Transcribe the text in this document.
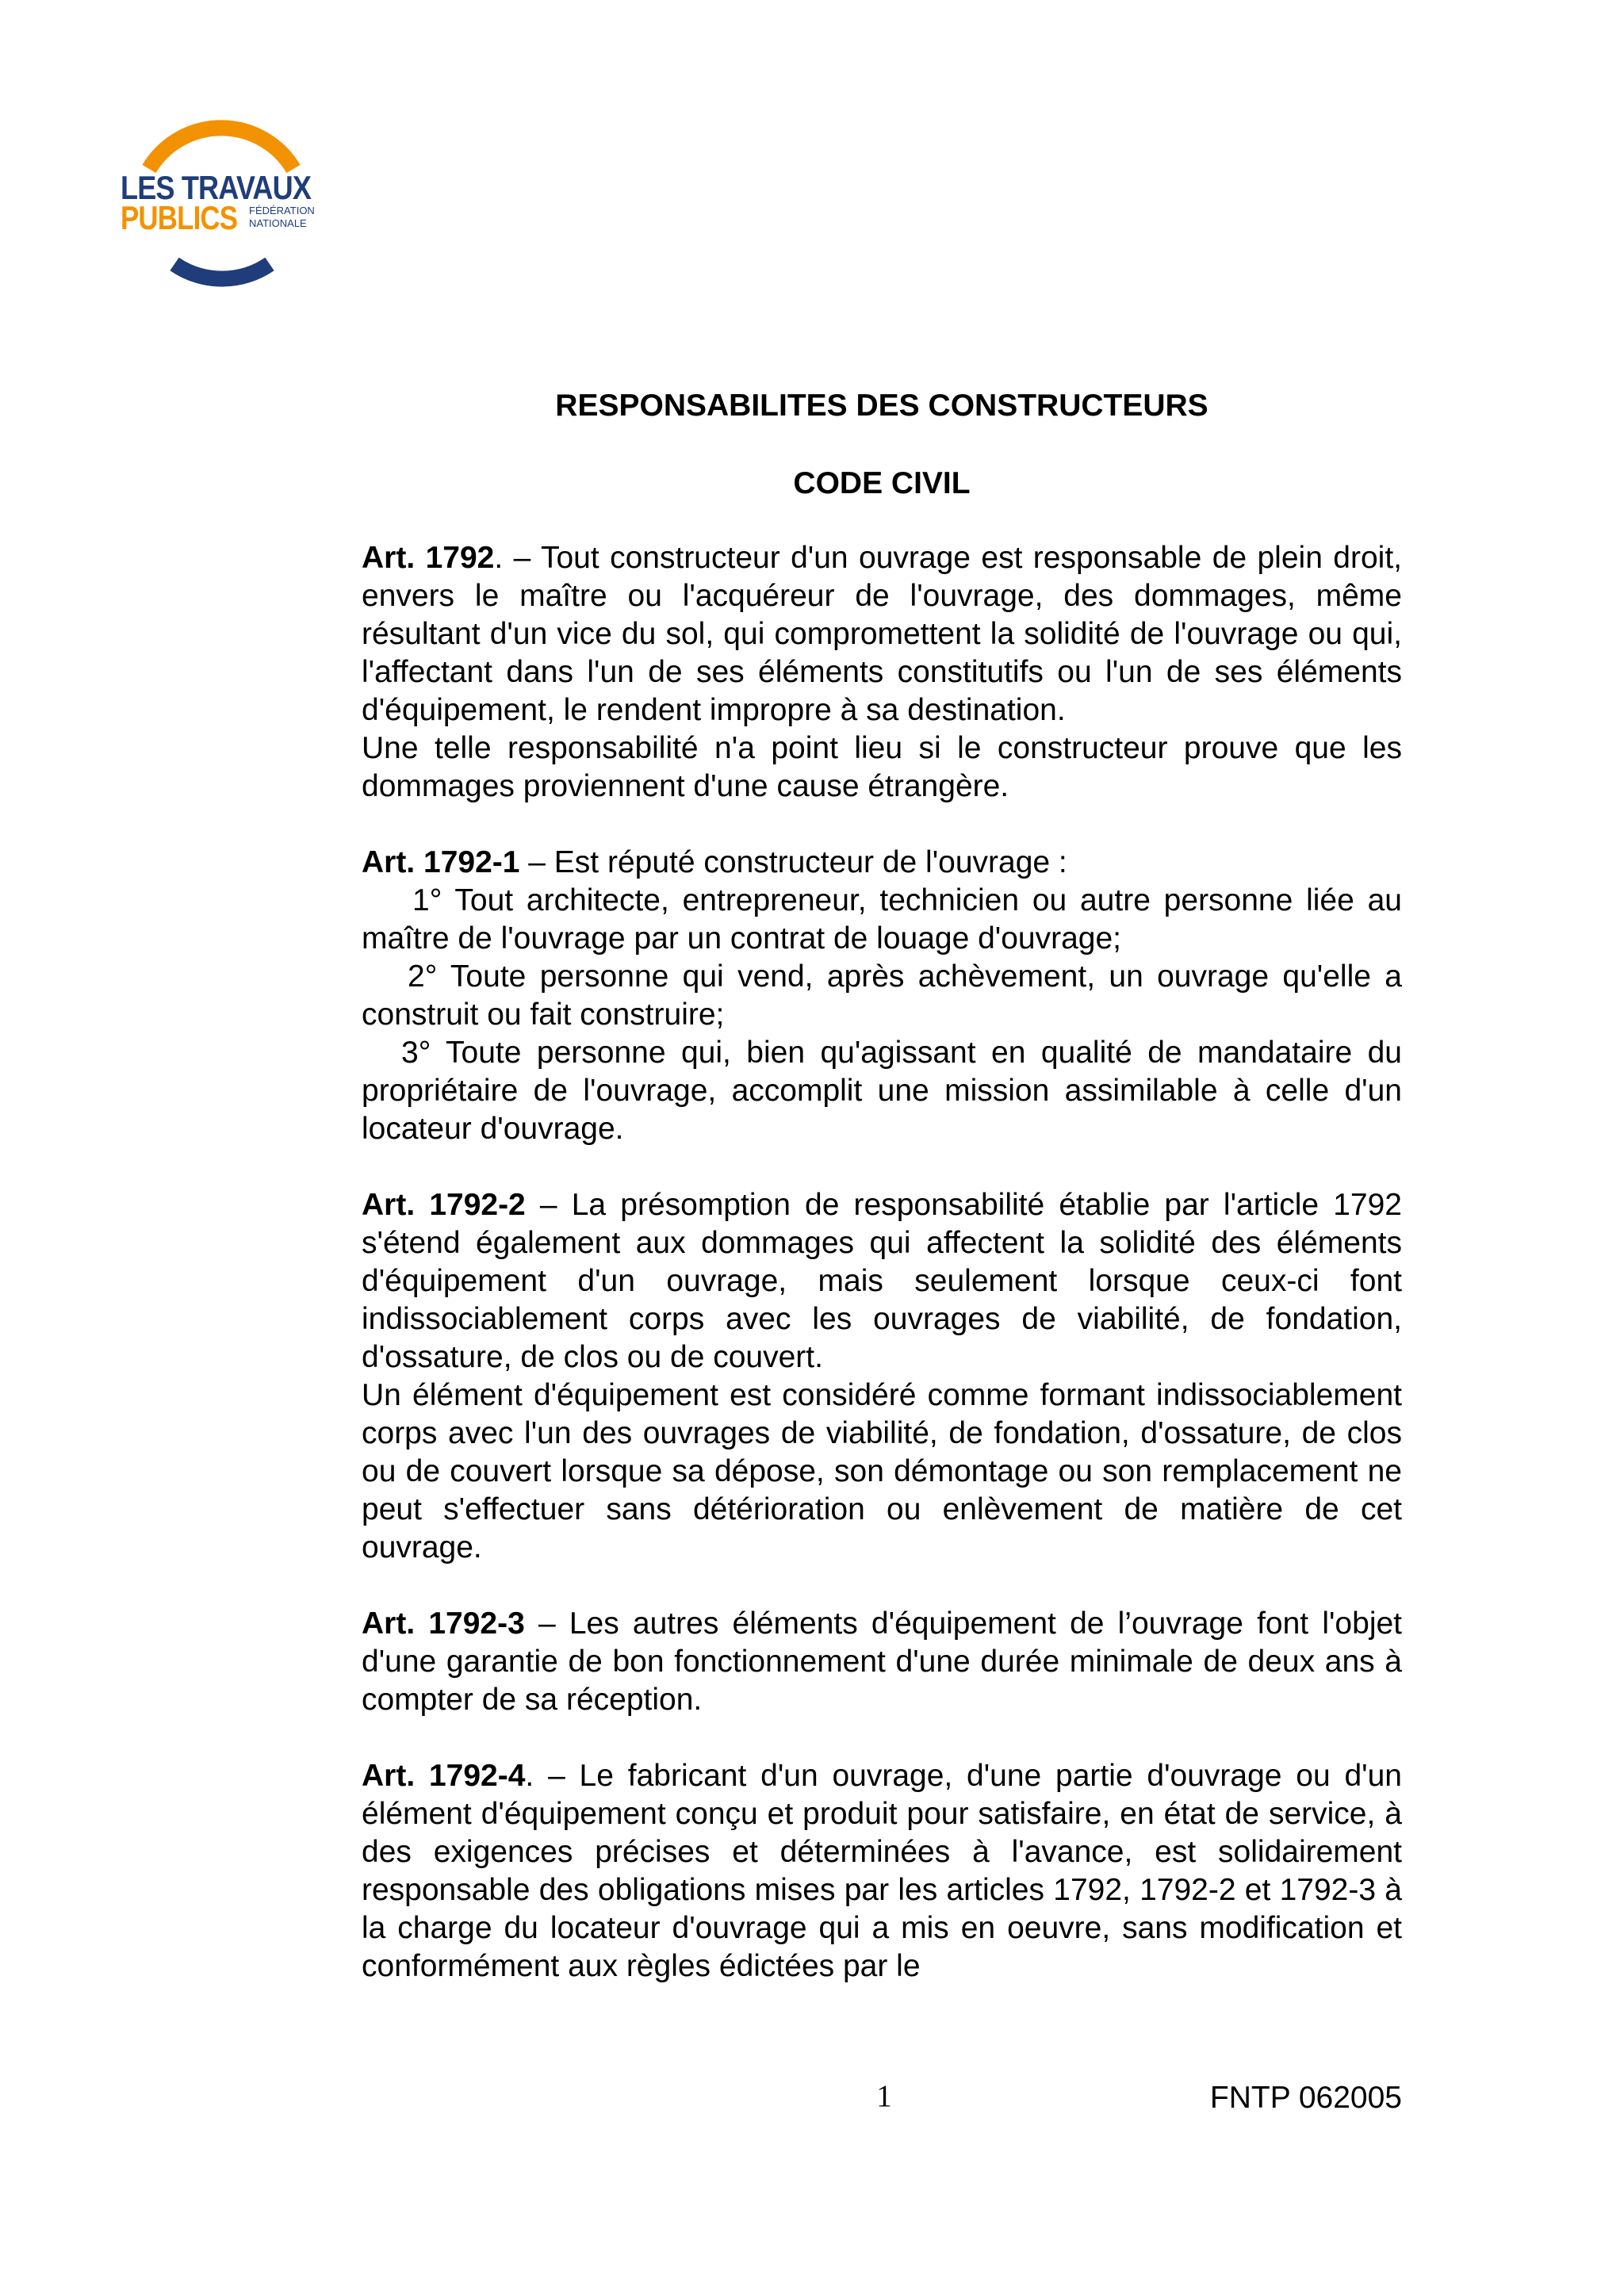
LES TRAVAUX
PUBLICS FÉDÉRATION
NATIONALE
RESPONSABILITES DES CONSTRUCTEURS
CODE CIVIL

Art. 1792. – Tout constructeur d'un ouvrage est responsable de plein droit, envers le maître ou l'acquéreur de l'ouvrage, des dommages, même résultant d'un vice du sol, qui compromettent la solidité de l'ouvrage ou qui, l'affectant dans l'un de ses éléments constitutifs ou l'un de ses éléments d'équipement, le rendent impropre à sa destination.

Une telle responsabilité n'a point lieu si le constructeur prouve que les dommages proviennent d'une cause étrangère.

Art. 1792-1 – Est réputé constructeur de l'ouvrage :

1° Tout architecte, entrepreneur, technicien ou autre personne liée au maître de l'ouvrage par un contrat de louage d'ouvrage;

2° Toute personne qui vend, après achèvement, un ouvrage qu'elle a construit ou fait construire;

3° Toute personne qui, bien qu'agissant en qualité de mandataire du propriétaire de l'ouvrage, accomplit une mission assimilable à celle d'un locateur d'ouvrage.

Art. 1792-2 – La présomption de responsabilité établie par l'article 1792 s'étend également aux dommages qui affectent la solidité des éléments d'équipement d'un ouvrage, mais seulement lorsque ceux-ci font indissociablement corps avec les ouvrages de viabilité, de fondation, d'ossature, de clos ou de couvert.

Un élément d'équipement est considéré comme formant indissociablement corps avec l'un des ouvrages de viabilité, de fondation, d'ossature, de clos ou de couvert lorsque sa dépose, son démontage ou son remplacement ne peut s'effectuer sans détérioration ou enlèvement de matière de cet ouvrage.

Art. 1792-3 – Les autres éléments d'équipement de l’ouvrage font l'objet d'une garantie de bon fonctionnement d'une durée minimale de deux ans à compter de sa réception.

Art. 1792-4. – Le fabricant d'un ouvrage, d'une partie d'ouvrage ou d'un élément d'équipement conçu et produit pour satisfaire, en état de service, à des exigences précises et déterminées à l'avance, est solidairement responsable des obligations mises par les articles 1792, 1792-2 et 1792-3 à la charge du locateur d'ouvrage qui a mis en oeuvre, sans modification et conformément aux règles édictées par le

1	FNTP 062005
